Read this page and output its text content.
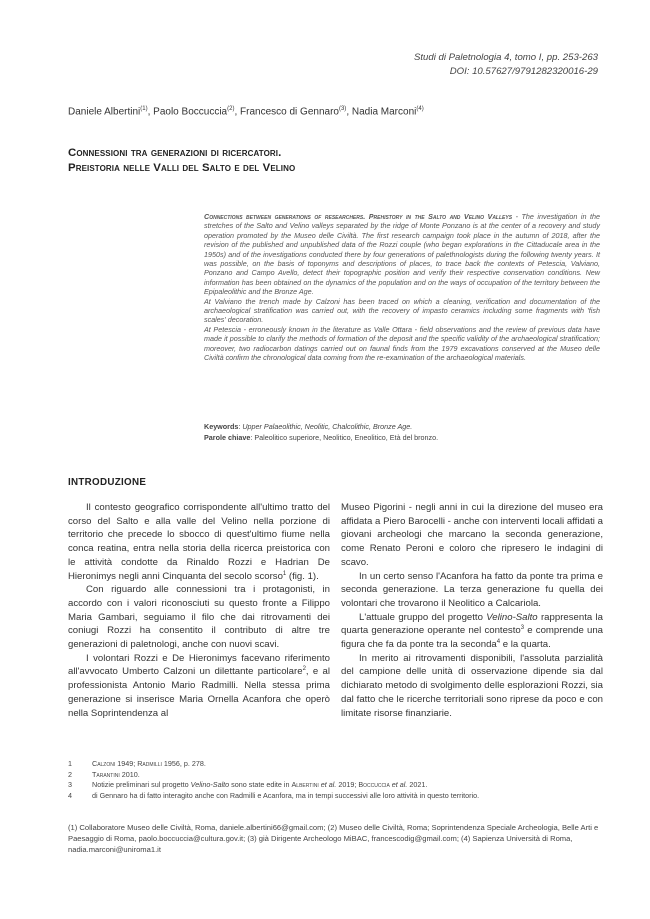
Studi di Paletnologia 4, tomo I, pp. 253-263
DOI: 10.57627/9791282320016-29
Daniele Albertini$^{(1)}$, Paolo Boccuccia$^{(2)}$, Francesco di Gennaro$^{(3)}$, Nadia Marconi$^{(4)}$
Connessioni tra generazioni di ricercatori.
Preistoria nelle Valli del Salto e del Velino

Connections between generations of researchers. Prehistory in the Salto and Velino Valleys - The investigation in the stretches of the Salto and Velino valleys separated by the ridge of Monte Ponzano is at the center of a recovery and study operation promoted by the Museo delle Civiltà. The first research campaign took place in the autumn of 2018, after the revision of the published and unpublished data of the Rozzi couple (who began explorations in the Cittaducale area in the 1950s) and of the investigations conducted there by four generations of palethnologists during the following twenty years. It was possible, on the basis of toponyms and descriptions of places, to trace back the contexts of Petescia, Valviano, Ponzano and Campo Avello, detect their topographic position and verify their respective conservation conditions. New information has been obtained on the dynamics of the population and on the ways of occupation of the territory between the Epipaleolithic and the Bronze Age.

At Valviano the trench made by Calzoni has been traced on which a cleaning, verification and documentation of the archaeological stratification was carried out, with the recovery of impasto ceramics including some fragments with 'fish scales' decoration.

At Petescia - erroneously known in the literature as Valle Ottara - field observations and the review of previous data have made it possible to clarify the methods of formation of the deposit and the specific validity of the archaeological stratification; moreover, two radiocarbon datings carried out on faunal finds from the 1979 excavations conserved at the Museo delle Civiltà confirm the chronological data coming from the re-examination of the archaeological materials.

Keywords: Upper Palaeolithic, Neolitic, Chalcolithic, Bronze Age.

Parole chiave: Paleolitico superiore, Neolitico, Eneolitico, Età del bronzo.

INTRODUZIONE

Il contesto geografico corrispondente all'ultimo tratto del corso del Salto e alla valle del Velino nella porzione di territorio che precede lo sbocco di quest'ultimo fiume nella conca reatina, entra nella storia della ricerca preistorica con le attività condotte da Rinaldo Rozzi e Hadrian De Hieronimys negli anni Cinquanta del secolo scorso$^1$ (fig. 1).

Con riguardo alle connessioni tra i protagonisti, in accordo con i valori riconosciuti su questo fronte a Filippo Maria Gambari, seguiamo il filo che dai ritrovamenti dei coniugi Rozzi ha consentito il contributo di altre tre generazioni di paletnologi, anche con nuovi scavi.

I volontari Rozzi e De Hieronimys facevano riferimento all'avvocato Umberto Calzoni un dilettante particolare$^2$, e al professionista Antonio Mario Radmilli. Nella stessa prima generazione si inserisce Maria Ornella Acanfora che operò nella Soprintendenza al

Museo Pigorini - negli anni in cui la direzione del museo era affidata a Piero Barocelli - anche con interventi locali affidati a giovani archeologi che marcano la seconda generazione, come Renato Peroni e coloro che ripresero le indagini di scavo.

In un certo senso l'Acanfora ha fatto da ponte tra prima e seconda generazione. La terza generazione fu quella dei volontari che trovarono il Neolitico a Calcariola.

L'attuale gruppo del progetto Velino-Salto rappresenta la quarta generazione operante nel contesto$^3$ e comprende una figura che fa da ponte tra la seconda$^4$ e la quarta.

In merito ai ritrovamenti disponibili, l'assoluta parzialità del campione delle unità di osservazione dipende sia dal dichiarato metodo di svolgimento delle esplorazioni Rozzi, sia dal fatto che le ricerche territoriali sono riprese da poco e con limitate risorse finanziarie.

1	Calzoni 1949; Radmilli 1956, p. 278.
2	Tarantini 2010.
3	Notizie preliminari sul progetto Velino-Salto sono state edite in Albertini et al. 2019; Boccuccia et al. 2021.
4	di Gennaro ha di fatto interagito anche con Radmilli e Acanfora, ma in tempi successivi alle loro attività in questo territorio.

(1) Collaboratore Museo delle Civiltà, Roma, daniele.albertini66@gmail.com; (2) Museo delle Civiltà, Roma; Soprintendenza Speciale Archeologia, Belle Arti e Paesaggio di Roma, paolo.boccuccia@cultura.gov.it; (3) già Dirigente Archeologo MiBAC, francescodig@gmail.com; (4) Sapienza Università di Roma, nadia.marconi@uniroma1.it
